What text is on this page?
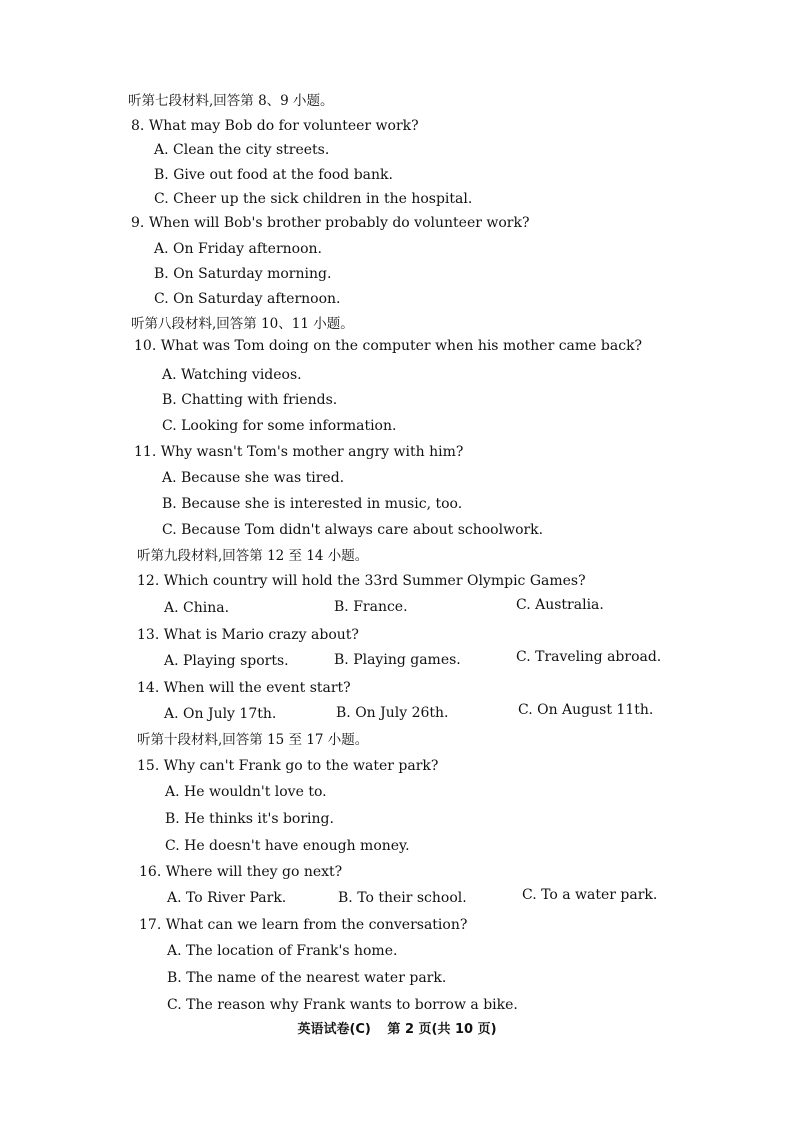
听第七段材料,回答第 8、9 小题。
8. What may Bob do for volunteer work?
A. Clean the city streets.
B. Give out food at the food bank.
C. Cheer up the sick children in the hospital.
9. When will Bob's brother probably do volunteer work?
A. On Friday afternoon.
B. On Saturday morning.
C. On Saturday afternoon.
听第八段材料,回答第 10、11 小题。
10. What was Tom doing on the computer when his mother came back?
A. Watching videos.
B. Chatting with friends.
C. Looking for some information.
11. Why wasn't Tom's mother angry with him?
A. Because she was tired.
B. Because she is interested in music, too.
C. Because Tom didn't always care about schoolwork.
听第九段材料,回答第 12 至 14 小题。
12. Which country will hold the 33rd Summer Olympic Games?
A. China.	B. France.	C. Australia.
13. What is Mario crazy about?
A. Playing sports.	B. Playing games.	C. Traveling abroad.
14. When will the event start?
A. On July 17th.	B. On July 26th.	C. On August 11th.
听第十段材料,回答第 15 至 17 小题。
15. Why can't Frank go to the water park?
A. He wouldn't love to.
B. He thinks it's boring.
C. He doesn't have enough money.
16. Where will they go next?
A. To River Park.	B. To their school.	C. To a water park.
17. What can we learn from the conversation?
A. The location of Frank's home.
B. The name of the nearest water park.
C. The reason why Frank wants to borrow a bike.
英语试卷(C) 第 2 页(共 10 页)
